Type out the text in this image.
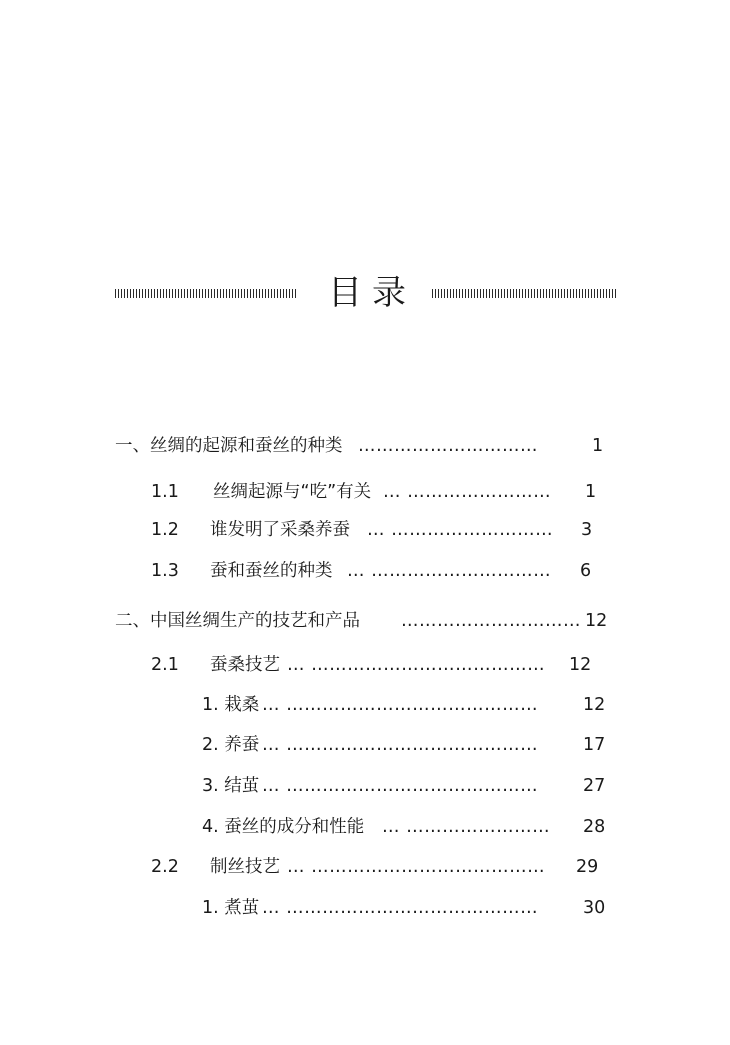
目录
一、丝绸的起源和蚕丝的种类 …………………………	1
1.1 丝绸起源与“吃”有关 … ……………………	1
1.2 谁发明了采桑养蚕 … ………………………	3
1.3 蚕和蚕丝的种类 … …………………………	6
二、中国丝绸生产的技艺和产品 ………………………… 12
2.1 蚕桑技艺 … …………………………………	12
1. 栽桑 … ……………………………………	12
2. 养蚕 … ……………………………………	17
3. 结茧 … ……………………………………	27
4. 蚕丝的成分和性能 … ……………………	28
2.2 制丝技艺 … …………………………………	29
1. 煮茧 … ……………………………………	30
